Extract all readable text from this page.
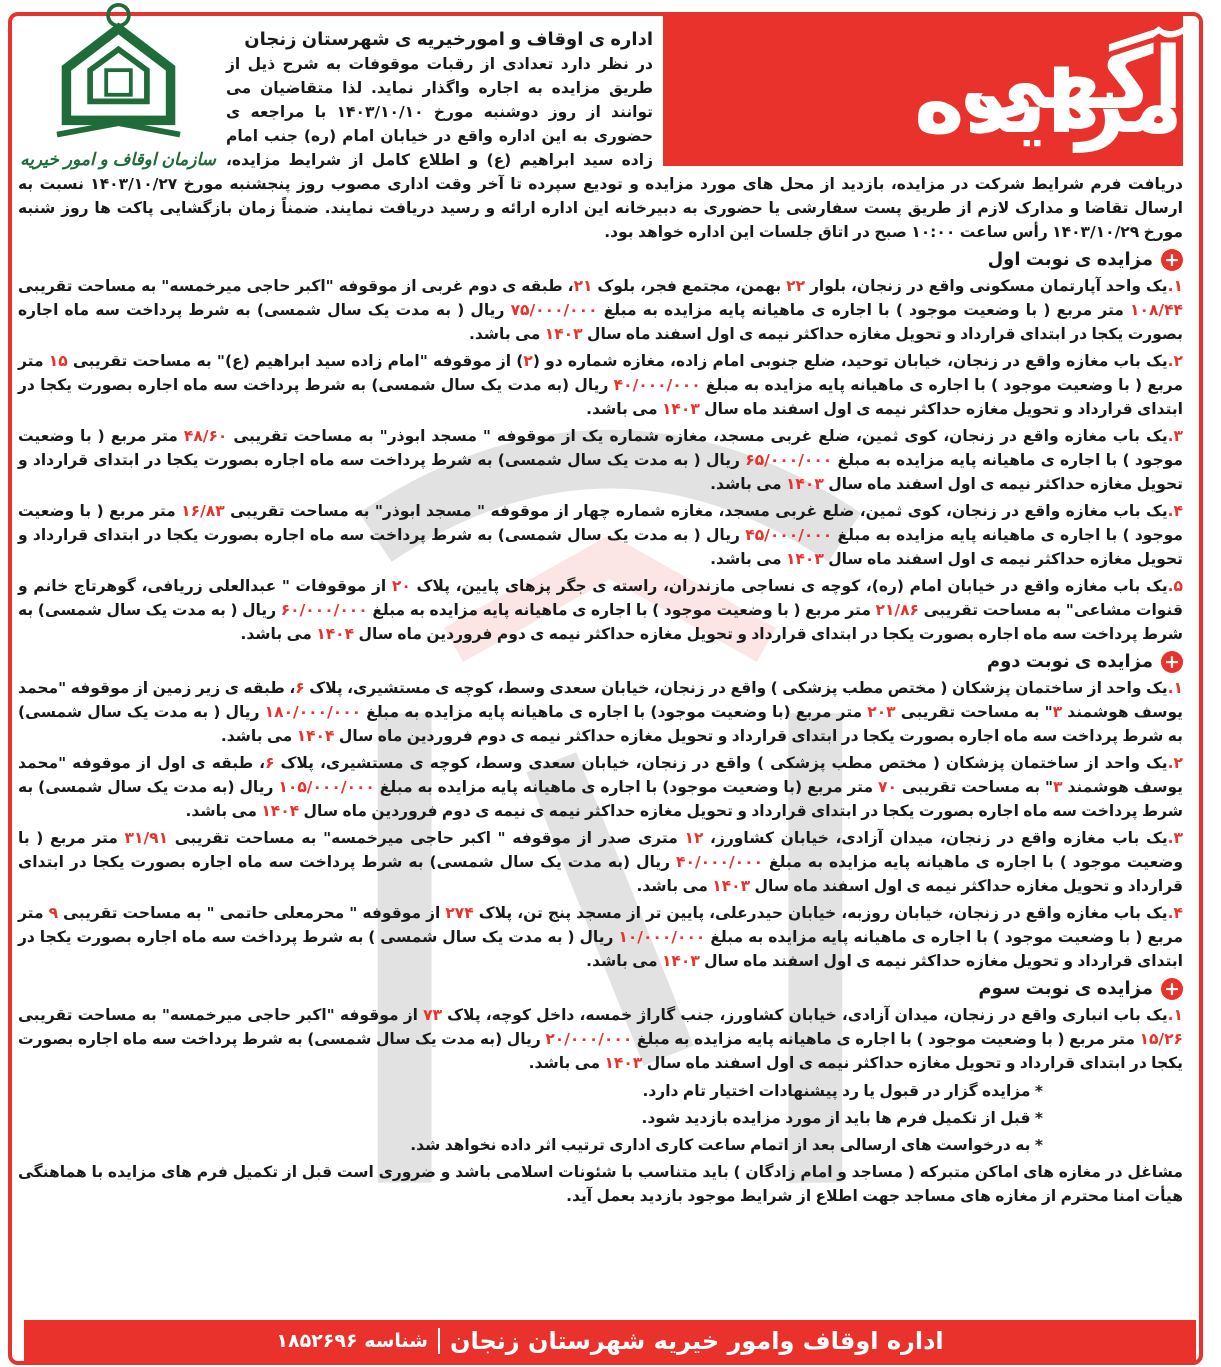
آگهی مزایده
سازمان اوقاف و امور خیریه
اداره ی اوقاف و امورخیریه ی شهرستان زنجان
در نظر دارد تعدادی از رقبات موقوفات به شرح ذیل از طریق مزایده به اجاره واگذار نماید. لذا متقاضیان می توانند از روز دوشنبه مورخ ۱۴۰۳/۱۰/۱۰ با مراجعه ی حضوری به این اداره واقع در خیابان امام (ره) جنب امام زاده سید ابراهیم (ع) و اطلاع کامل از شرایط مزایده، دریافت فرم شرایط شرکت در مزایده، بازدید از محل های مورد مزایده و تودیع سپرده تا آخر وقت اداری مصوب روز پنجشنبه مورخ ۱۴۰۳/۱۰/۲۷ نسبت به ارسال تقاضا و مدارک لازم از طریق پست سفارشی یا حضوری به دبیرخانه این اداره ارائه و رسید دریافت نمایند. ضمناً زمان بازگشایی پاکت ها روز شنبه مورخ ۱۴۰۳/۱۰/۲۹ رأس ساعت ۱۰:۰۰ صبح در اتاق جلسات این اداره خواهد بود.
+
مزایده ی نوبت اول
۱.یک واحد آپارتمان مسکونی واقع در زنجان، بلوار ۲۲ بهمن، مجتمع فجر، بلوک ۲۱، طبقه ی دوم غربی از موقوفه "اکبر حاجی میرخمسه" به مساحت تقریبی ۱۰۸/۴۴ متر مربع ( با وضعیت موجود ) با اجاره ی ماهیانه پایه مزایده به مبلغ ۷۵/۰۰۰/۰۰۰ ریال ( به مدت یک سال شمسی) به شرط پرداخت سه ماه اجاره بصورت یکجا در ابتدای قرارداد و تحویل مغازه حداکثر نیمه ی اول اسفند ماه سال ۱۴۰۳ می باشد.
۲.یک باب مغازه واقع در زنجان، خیابان توحید، ضلع جنوبی امام زاده، مغازه شماره دو (۲) از موقوفه "امام زاده سید ابراهیم (ع)" به مساحت تقریبی ۱۵ متر مربع ( با وضعیت موجود ) با اجاره ی ماهیانه پایه مزایده به مبلغ ۴۰/۰۰۰/۰۰۰ ریال (به مدت یک سال شمسی) به شرط پرداخت سه ماه اجاره بصورت یکجا در ابتدای قرارداد و تحویل مغازه حداکثر نیمه ی اول اسفند ماه سال ۱۴۰۳ می باشد.
۳.یک باب مغازه واقع در زنجان، کوی ثمین، ضلع غربی مسجد، مغازه شماره یک از موقوفه " مسجد ابوذر" به مساحت تقریبی ۴۸/۶۰ متر مربع ( با وضعیت موجود ) با اجاره ی ماهیانه پایه مزایده به مبلغ ۶۵/۰۰۰/۰۰۰ ریال ( به مدت یک سال شمسی) به شرط پرداخت سه ماه اجاره بصورت یکجا در ابتدای قرارداد و تحویل مغازه حداکثر نیمه ی اول اسفند ماه سال ۱۴۰۳ می باشد.
۴.یک باب مغازه واقع در زنجان، کوی ثمین، ضلع غربی مسجد، مغازه شماره چهار از موقوفه " مسجد ابوذر" به مساحت تقریبی ۱۶/۸۳ متر مربع ( با وضعیت موجود ) با اجاره ی ماهیانه پایه مزایده به مبلغ ۴۵/۰۰۰/۰۰۰ ریال ( به مدت یک سال شمسی) به شرط پرداخت سه ماه اجاره بصورت یکجا در ابتدای قرارداد و تحویل مغازه حداکثر نیمه ی اول اسفند ماه سال ۱۴۰۳ می باشد.
۵.یک باب مغازه واقع در خیابان امام (ره)، کوچه ی نساجی مازندران، راسته ی جگر پزهای پایین، پلاک ۲۰ از موقوفات " عبدالعلی زریافی، گوهرتاج خانم و قنوات مشاعی" به مساحت تقریبی ۲۱/۸۶ متر مربع ( با وضعیت موجود ) با اجاره ی ماهیانه پایه مزایده به مبلغ ۶۰/۰۰۰/۰۰۰ ریال ( به مدت یک سال شمسی) به شرط پرداخت سه ماه اجاره بصورت یکجا در ابتدای قرارداد و تحویل مغازه حداکثر نیمه ی دوم فروردین ماه سال ۱۴۰۴ می باشد.
+
مزایده ی نوبت دوم
۱.یک واحد از ساختمان پزشکان ( مختص مطب پزشکی ) واقع در زنجان، خیابان سعدی وسط، کوچه ی مستشیری، پلاک ۶، طبقه ی زیر زمین از موقوفه "محمد یوسف هوشمند ۳" به مساحت تقریبی ۲۰۳ متر مربع (با وضعیت موجود) با اجاره ی ماهیانه پایه مزایده به مبلغ ۱۸۰/۰۰۰/۰۰۰ ریال ( به مدت یک سال شمسی) به شرط پرداخت سه ماه اجاره بصورت یکجا در ابتدای قرارداد و تحویل مغازه حداکثر نیمه ی دوم فروردین ماه سال ۱۴۰۴ می باشد.
۲.یک واحد از ساختمان پزشکان ( مختص مطب پزشکی ) واقع در زنجان، خیابان سعدی وسط، کوچه ی مستشیری، پلاک ۶، طبقه ی اول از موقوفه "محمد یوسف هوشمند ۳" به مساحت تقریبی ۷۰ متر مربع (با وضعیت موجود) با اجاره ی ماهیانه پایه مزایده به مبلغ ۱۰۵/۰۰۰/۰۰۰ ریال (به مدت یک سال شمسی) به شرط پرداخت سه ماه اجاره بصورت یکجا در ابتدای قرارداد و تحویل مغازه حداکثر نیمه ی نیمه ی دوم فروردین ماه سال ۱۴۰۴ می باشد.
۳.یک باب مغازه واقع در زنجان، میدان آزادی، خیابان کشاورز، ۱۲ متری صدر از موقوفه " اکبر حاجی میرخمسه" به مساحت تقریبی ۳۱/۹۱ متر مربع ( با وضعیت موجود ) با اجاره ی ماهیانه پایه مزایده به مبلغ ۴۰/۰۰۰/۰۰۰ ریال (به مدت یک سال شمسی) به شرط پرداخت سه ماه اجاره بصورت یکجا در ابتدای قرارداد و تحویل مغازه حداکثر نیمه ی اول اسفند ماه سال ۱۴۰۳ می باشد.
۴.یک باب مغازه واقع در زنجان، خیابان روزبه، خیابان حیدرعلی، پایین تر از مسجد پنج تن، پلاک ۲۷۴ از موقوفه " محرمعلی حاتمی " به مساحت تقریبی ۹ متر مربع ( با وضعیت موجود ) با اجاره ی ماهیانه پایه مزایده به مبلغ ۱۰/۰۰۰/۰۰۰ ریال ( به مدت یک سال شمسی ) به شرط پرداخت سه ماه اجاره بصورت یکجا در ابتدای قرارداد و تحویل مغازه حداکثر نیمه ی اول اسفند ماه سال ۱۴۰۳ می باشد.
+
مزایده ی نوبت سوم
۱.یک باب انباری واقع در زنجان، میدان آزادی، خیابان کشاورز، جنب گاراژ خمسه، داخل کوچه، پلاک ۷۳ از موقوفه "اکبر حاجی میرخمسه" به مساحت تقریبی ۱۵/۲۶ متر مربع ( با وضعیت موجود ) با اجاره ی ماهیانه پایه مزایده به مبلغ ۲۰/۰۰۰/۰۰۰ ریال (به مدت یک سال شمسی) به شرط پرداخت سه ماه اجاره بصورت یکجا در ابتدای قرارداد و تحویل مغازه حداکثر نیمه ی اول اسفند ماه سال ۱۴۰۳ می باشد.
* مزایده گزار در قبول یا رد پیشنهادات اختیار تام دارد.
* قبل از تکمیل فرم ها باید از مورد مزایده بازدید شود.
* به درخواست های ارسالی بعد از اتمام ساعت کاری اداری ترتیب اثر داده نخواهد شد.
مشاغل در مغازه های اماکن متبرکه ( مساجد و امام زادگان ) باید متناسب با شئونات اسلامی باشد و ضروری است قبل از تکمیل فرم های مزایده با هماهنگی هیأت امنا محترم از مغازه های مساجد جهت اطلاع از شرایط موجود بازدید بعمل آید.
اداره اوقاف وامور خیریه شهرستان زنجان
شناسه ۱۸۵۲۶۹۶
